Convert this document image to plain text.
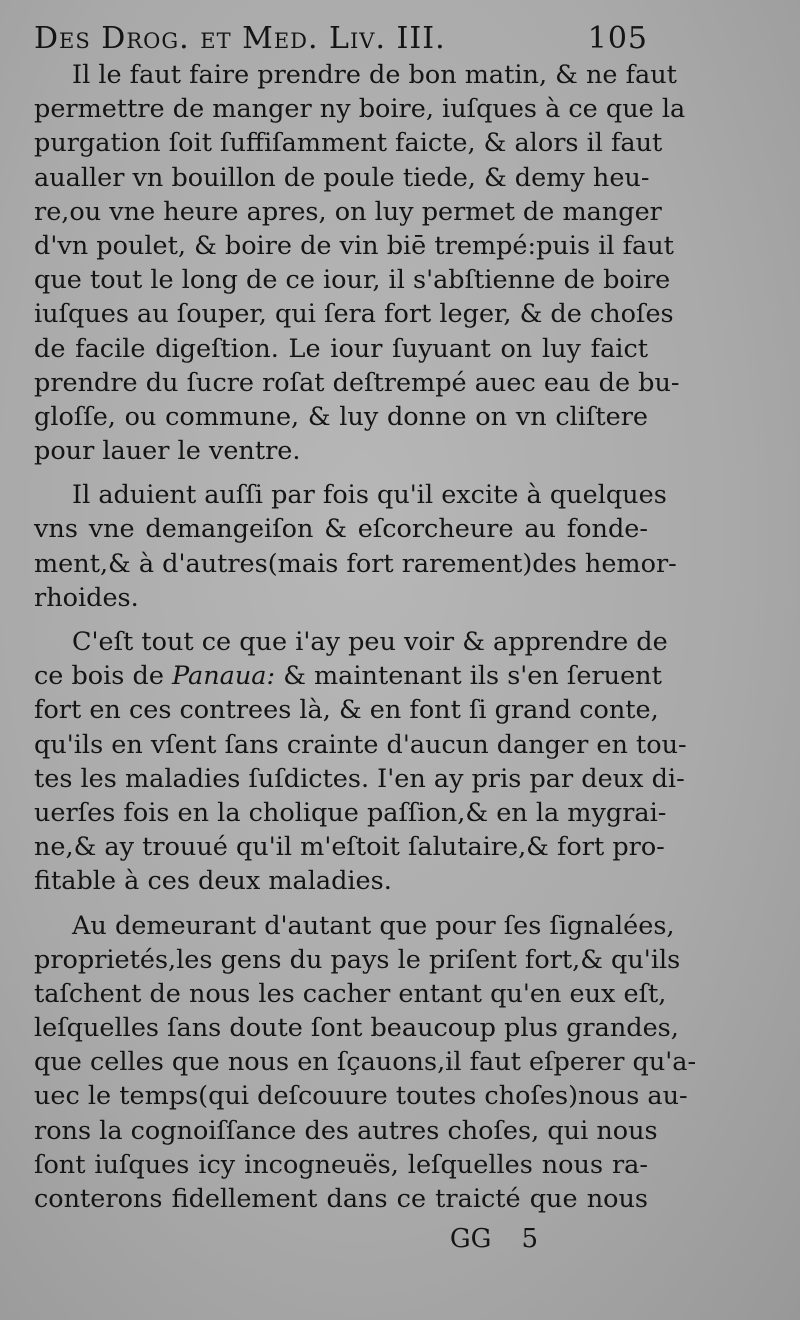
Des Drog. et Med. Liv. III.	105
Il le faut faire prendre de bon matin, & ne faut
permettre de manger ny boire, iuſques à ce que la
purgation ſoit ſuffiſamment faicte, & alors il faut
aualler vn bouillon de poule tiede, & demy heu-
re,ou vne heure apres, on luy permet de manger
d'vn poulet, & boire de vin biē trempé:puis il faut
que tout le long de ce iour, il s'abſtienne de boire
iuſques au ſouper, qui ſera fort leger, & de choſes
de facile digeſtion. Le iour ſuyuant on luy faict
prendre du ſucre roſat deſtrempé auec eau de bu-
gloſſe, ou commune, & luy donne on vn cliſtere
pour lauer le ventre.
Il aduient auſſi par fois qu'il excite à quelques
vns vne demangeiſon & eſcorcheure au fonde-
ment,& à d'autres(mais fort rarement)des hemor-
rhoides.
C'eſt tout ce que i'ay peu voir & apprendre de
ce bois de Panaua: & maintenant ils s'en ſeruent
fort en ces contrees là, & en font ſi grand conte,
qu'ils en vſent ſans crainte d'aucun danger en tou-
tes les maladies ſuſdictes. I'en ay pris par deux di-
uerſes fois en la cholique paſſion,& en la mygrai-
ne,& ay trouué qu'il m'eſtoit ſalutaire,& fort pro-
fitable à ces deux maladies.
Au demeurant d'autant que pour ſes ſignalées,
proprietés,les gens du pays le priſent fort,& qu'ils
taſchent de nous les cacher entant qu'en eux eſt,
leſquelles ſans doute ſont beaucoup plus grandes,
que celles que nous en ſçauons,il faut eſperer qu'a-
uec le temps(qui deſcouure toutes choſes)nous au-
rons la cognoiſſance des autres choſes, qui nous
ſont iuſques icy incogneuës, leſquelles nous ra-
conterons fidellement dans ce traicté que nous
GG 5
